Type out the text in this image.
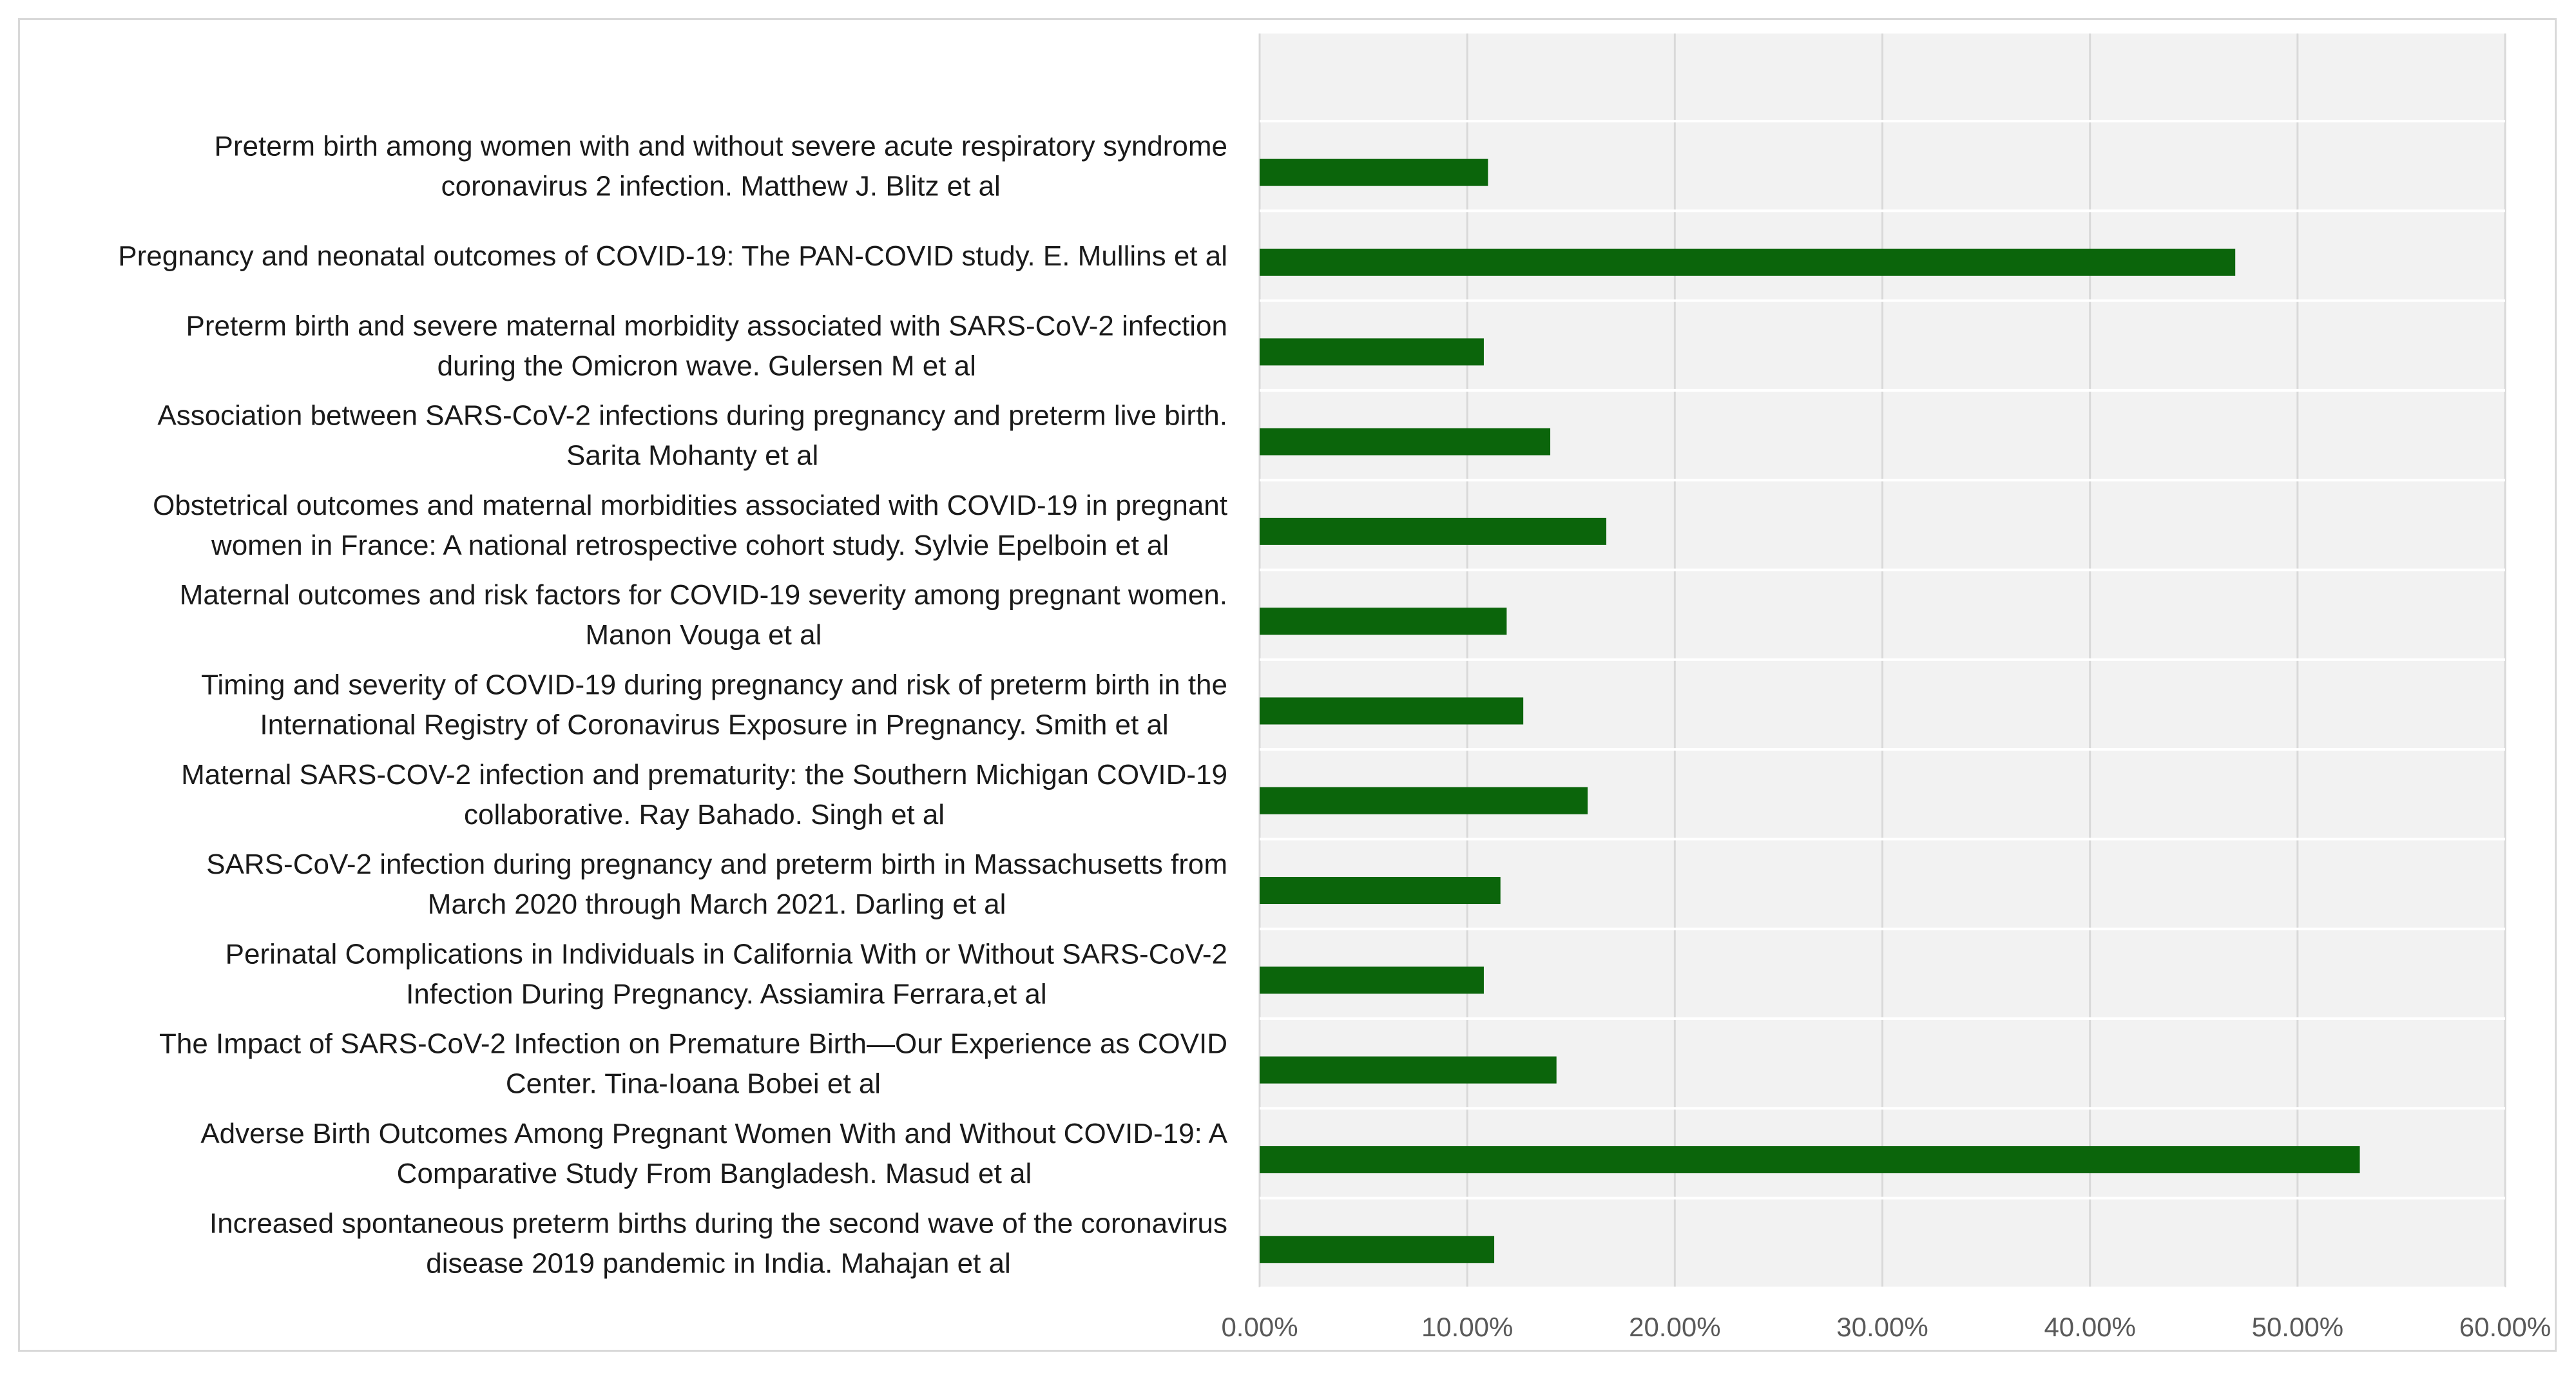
Preterm birth among women with and without severe acute respiratory syndrome
coronavirus 2 infection. Matthew J. Blitz et al
Pregnancy and neonatal outcomes of COVID-19: The PAN-COVID study. E. Mullins et al
Preterm birth and severe maternal morbidity associated with SARS-CoV-2 infection
during the Omicron wave. Gulersen M et al
Association between SARS-CoV-2 infections during pregnancy and preterm live birth.
Sarita Mohanty et al
Obstetrical outcomes and maternal morbidities associated with COVID-19 in pregnant
women in France: A national retrospective cohort study. Sylvie Epelboin et al
Maternal outcomes and risk factors for COVID-19 severity among pregnant women.
Manon Vouga et al
Timing and severity of COVID-19 during pregnancy and risk of preterm birth in the
International Registry of Coronavirus Exposure in Pregnancy. Smith et al
Maternal SARS-COV-2 infection and prematurity: the Southern Michigan COVID-19
collaborative. Ray Bahado. Singh et al
SARS-CoV-2 infection during pregnancy and preterm birth in Massachusetts from
March 2020 through March 2021. Darling et al
Perinatal Complications in Individuals in California With or Without SARS-CoV-2
Infection During Pregnancy. Assiamira Ferrara,et al
The Impact of SARS-CoV-2 Infection on Premature Birth—Our Experience as COVID
Center. Tina-Ioana Bobei et al
Adverse Birth Outcomes Among Pregnant Women With and Without COVID-19: A
Comparative Study From Bangladesh. Masud et al
Increased spontaneous preterm births during the second wave of the coronavirus
disease 2019 pandemic in India. Mahajan et al
0.00%	10.00%	20.00%	30.00%	40.00%	50.00%	60.00%
